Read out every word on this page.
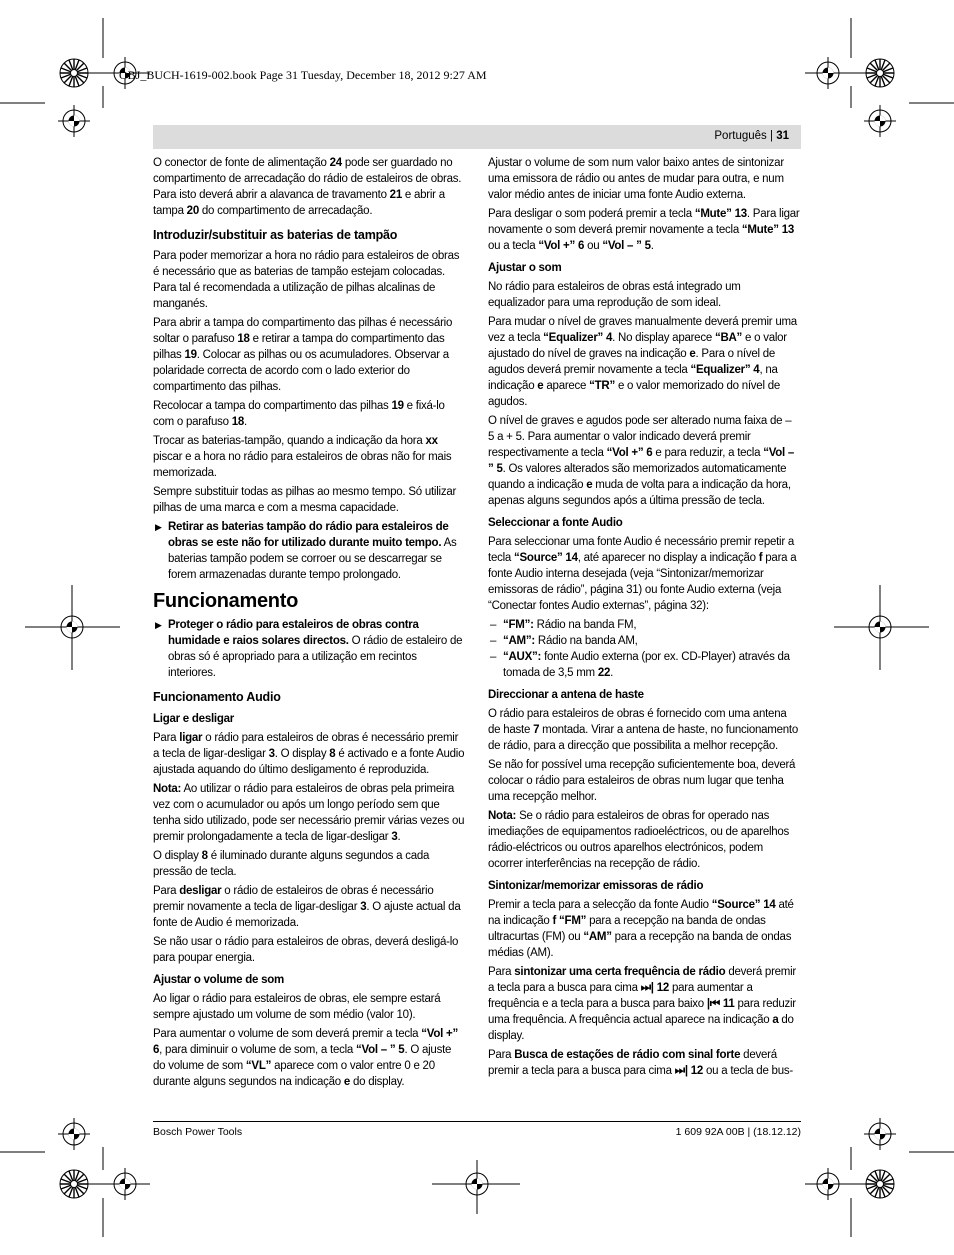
OBJ_BUCH-1619-002.book Page 31 Tuesday, December 18, 2012 9:27 AM
Português | 31

O conector de fonte de alimentação 24 pode ser guardado no compartimento de arrecadação do rádio de estaleiros de obras. Para isto deverá abrir a alavanca de travamento 21 e abrir a tampa 20 do compartimento de arrecadação.

Introduzir/substituir as baterias de tampão

Para poder memorizar a hora no rádio para estaleiros de obras é necessário que as baterias de tampão estejam colocadas. Para tal é recomendada a utilização de pilhas alcalinas de manganés.

Para abrir a tampa do compartimento das pilhas é necessário soltar o parafuso 18 e retirar a tampa do compartimento das pilhas 19. Colocar as pilhas ou os acumuladores. Observar a polaridade correcta de acordo com o lado exterior do compartimento das pilhas.

Recolocar a tampa do compartimento das pilhas 19 e fixá-lo com o parafuso 18.

Trocar as baterias-tampão, quando a indicação da hora xx piscar e a hora no rádio para estaleiros de obras não for mais memorizada.

Sempre substituir todas as pilhas ao mesmo tempo. Só utilizar pilhas de uma marca e com a mesma capacidade.

▶ Retirar as baterias tampão do rádio para estaleiros de obras se este não for utilizado durante muito tempo. As baterias tampão podem se corroer ou se descarregar se forem armazenadas durante tempo prolongado.
Funcionamento
▶ Proteger o rádio para estaleiros de obras contra humidade e raios solares directos. O rádio de estaleiro de obras só é apropriado para a utilização em recintos interiores.
Funcionamento Audio
Ligar e desligar

Para ligar o rádio para estaleiros de obras é necessário premir a tecla de ligar-desligar 3. O display 8 é activado e a fonte Audio ajustada aquando do último desligamento é reproduzida.

Nota: Ao utilizar o rádio para estaleiros de obras pela primeira vez com o acumulador ou após um longo período sem que tenha sido utilizado, pode ser necessário premir várias vezes ou premir prolongadamente a tecla de ligar-desligar 3.

O display 8 é iluminado durante alguns segundos a cada pressão de tecla.

Para desligar o rádio de estaleiros de obras é necessário premir novamente a tecla de ligar-desligar 3. O ajuste actual da fonte de Audio é memorizada.

Se não usar o rádio para estaleiros de obras, deverá desligá-lo para poupar energia.

Ajustar o volume de som

Ao ligar o rádio para estaleiros de obras, ele sempre estará sempre ajustado um volume de som médio (valor 10).

Para aumentar o volume de som deverá premir a tecla “Vol +” 6, para diminuir o volume de som, a tecla “Vol – ” 5. O ajuste do volume de som “VL” aparece com o valor entre 0 e 20 durante alguns segundos na indicação e do display.

Ajustar o volume de som num valor baixo antes de sintonizar uma emissora de rádio ou antes de mudar para outra, e num valor médio antes de iniciar uma fonte Audio externa.

Para desligar o som poderá premir a tecla “Mute” 13. Para ligar novamente o som deverá premir novamente a tecla “Mute” 13 ou a tecla “Vol +” 6 ou “Vol – ” 5.

Ajustar o som

No rádio para estaleiros de obras está integrado um equalizador para uma reprodução de som ideal.

Para mudar o nível de graves manualmente deverá premir uma vez a tecla “Equalizer” 4. No display aparece “BA” e o valor ajustado do nível de graves na indicação e. Para o nível de agudos deverá premir novamente a tecla “Equalizer” 4, na indicação e aparece “TR” e o valor memorizado do nível de agudos.

O nível de graves e agudos pode ser alterado numa faixa de – 5 a + 5. Para aumentar o valor indicado deverá premir respectivamente a tecla “Vol +” 6 e para reduzir, a tecla “Vol – ” 5. Os valores alterados são memorizados automaticamente quando a indicação e muda de volta para a indicação da hora, apenas alguns segundos após a última pressão de tecla.

Seleccionar a fonte Audio

Para seleccionar uma fonte Audio é necessário premir repetir a tecla “Source” 14, até aparecer no display a indicação f para a fonte Audio interna desejada (veja “Sintonizar/memorizar emissoras de rádio”, página 31) ou fonte Audio externa (veja “Conectar fontes Audio externas”, página 32):

– “FM”: Rádio na banda FM,
– “AM”: Rádio na banda AM,
– “AUX”: fonte Audio externa (por ex. CD-Player) através da tomada de 3,5 mm 22.
Direccionar a antena de haste

O rádio para estaleiros de obras é fornecido com uma antena de haste 7 montada. Virar a antena de haste, no funcionamento de rádio, para a direcção que possibilita a melhor recepção.

Se não for possível uma recepção suficientemente boa, deverá colocar o rádio para estaleiros de obras num lugar que tenha uma recepção melhor.

Nota: Se o rádio para estaleiros de obras for operado nas imediações de equipamentos radioeléctricos, ou de aparelhos rádio-eléctricos ou outros aparelhos electrónicos, podem ocorrer interferências na recepção de rádio.

Sintonizar/memorizar emissoras de rádio

Premir a tecla para a selecção da fonte Audio “Source” 14 até na indicação f “FM” para a recepção na banda de ondas ultracurtas (FM) ou “AM” para a recepção na banda de ondas médias (AM).

Para sintonizar uma certa frequência de rádio deverá premir a tecla para a busca para cima ⏭| 12 para aumentar a frequência e a tecla para a busca para baixo |⏮ 11 para reduzir uma frequência. A frequência actual aparece na indicação a do display.

Para Busca de estações de rádio com sinal forte deverá premir a tecla para a busca para cima ⏭| 12 ou a tecla de bus-

Bosch Power Tools	1 609 92A 00B | (18.12.12)
